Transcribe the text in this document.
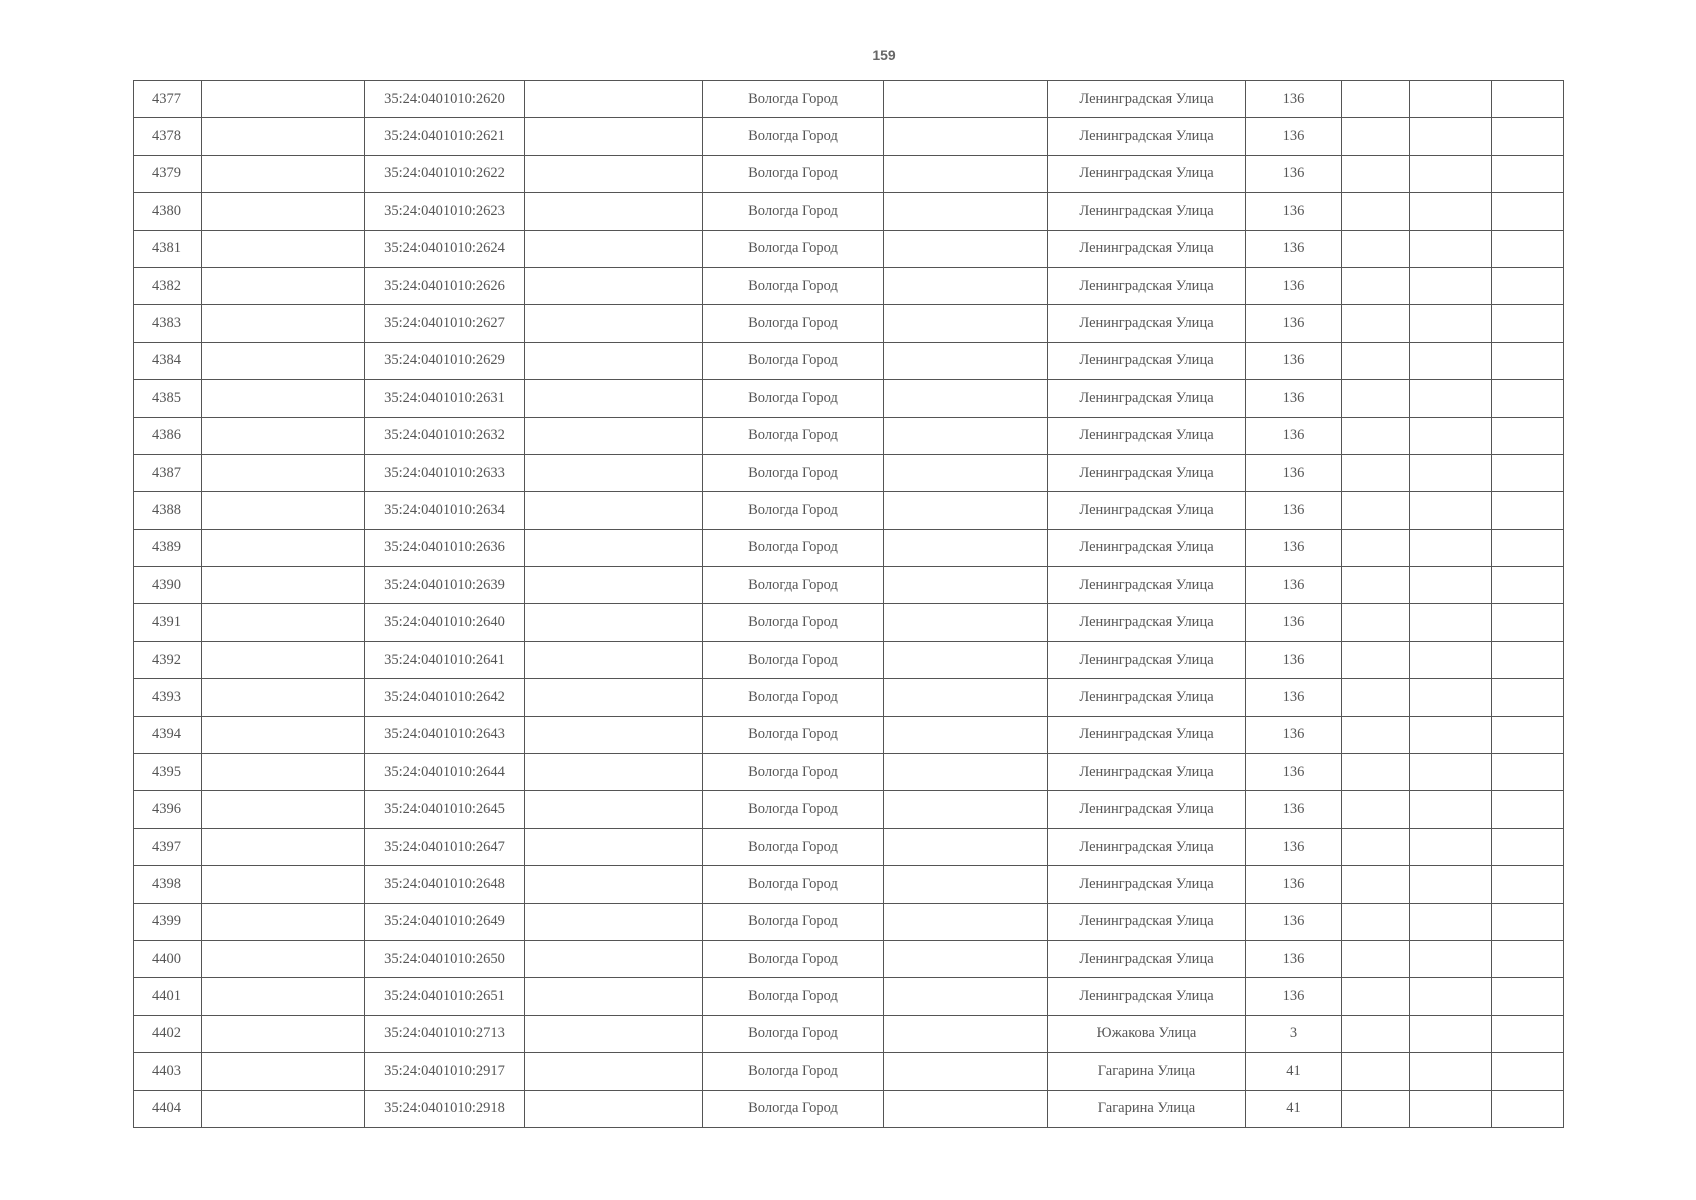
159
4377		35:24:0401010:2620		Вологда Город		Ленинградская Улица	136			
4378		35:24:0401010:2621		Вологда Город		Ленинградская Улица	136			
4379		35:24:0401010:2622		Вологда Город		Ленинградская Улица	136			
4380		35:24:0401010:2623		Вологда Город		Ленинградская Улица	136			
4381		35:24:0401010:2624		Вологда Город		Ленинградская Улица	136			
4382		35:24:0401010:2626		Вологда Город		Ленинградская Улица	136			
4383		35:24:0401010:2627		Вологда Город		Ленинградская Улица	136			
4384		35:24:0401010:2629		Вологда Город		Ленинградская Улица	136			
4385		35:24:0401010:2631		Вологда Город		Ленинградская Улица	136			
4386		35:24:0401010:2632		Вологда Город		Ленинградская Улица	136			
4387		35:24:0401010:2633		Вологда Город		Ленинградская Улица	136			
4388		35:24:0401010:2634		Вологда Город		Ленинградская Улица	136			
4389		35:24:0401010:2636		Вологда Город		Ленинградская Улица	136			
4390		35:24:0401010:2639		Вологда Город		Ленинградская Улица	136			
4391		35:24:0401010:2640		Вологда Город		Ленинградская Улица	136			
4392		35:24:0401010:2641		Вологда Город		Ленинградская Улица	136			
4393		35:24:0401010:2642		Вологда Город		Ленинградская Улица	136			
4394		35:24:0401010:2643		Вологда Город		Ленинградская Улица	136			
4395		35:24:0401010:2644		Вологда Город		Ленинградская Улица	136			
4396		35:24:0401010:2645		Вологда Город		Ленинградская Улица	136			
4397		35:24:0401010:2647		Вологда Город		Ленинградская Улица	136			
4398		35:24:0401010:2648		Вологда Город		Ленинградская Улица	136			
4399		35:24:0401010:2649		Вологда Город		Ленинградская Улица	136			
4400		35:24:0401010:2650		Вологда Город		Ленинградская Улица	136			
4401		35:24:0401010:2651		Вологда Город		Ленинградская Улица	136			
4402		35:24:0401010:2713		Вологда Город		Южакова Улица	3			
4403		35:24:0401010:2917		Вологда Город		Гагарина Улица	41			
4404		35:24:0401010:2918		Вологда Город		Гагарина Улица	41			
